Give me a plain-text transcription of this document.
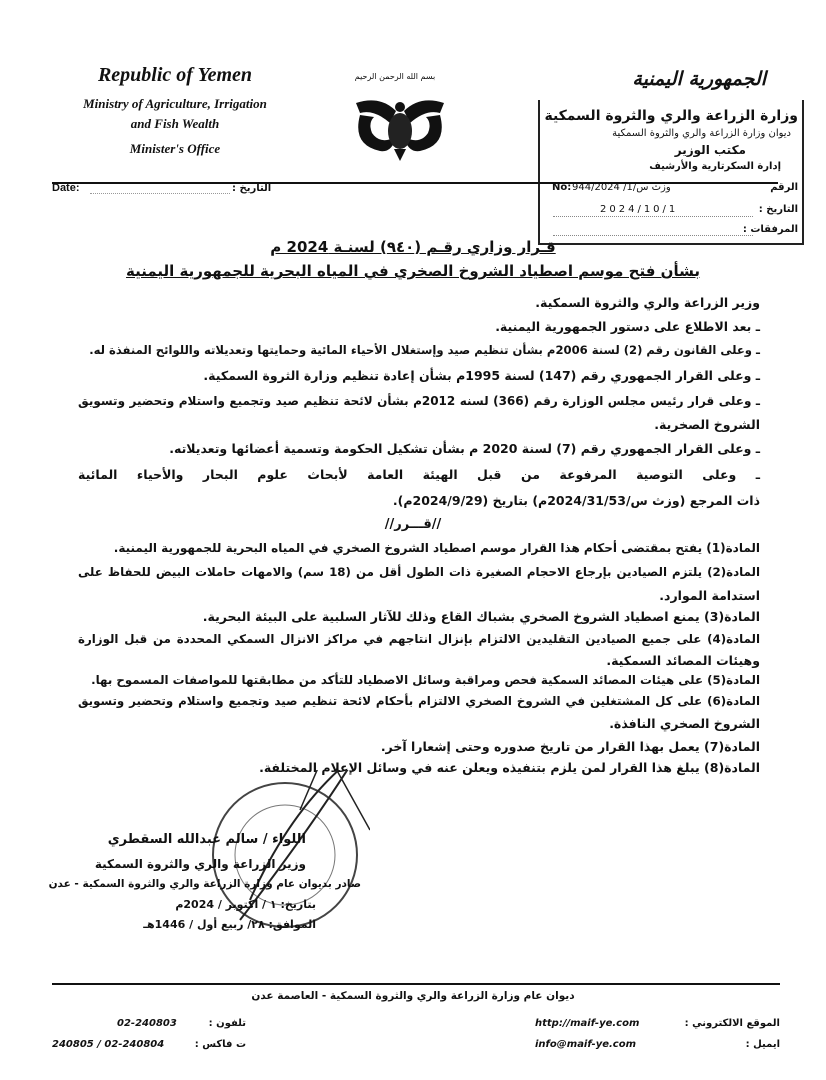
Republic of Yemen
Ministry of Agriculture, Irrigation
and Fish Wealth
Minister's Office
بسم الله الرحمن الرحيم	الجمهورية اليمنية
وزارة الزراعة والري والثروة السمكية
ديوان وزارة الزراعة والري والثروة السمكية
مكتب الوزير
إدارة السكرتارية والأرشيف
Date:	التاريخ :	الرقم
No: وزث س/1/ 944/2024
التاريخ :
2024/10/1
المرفقات :
قـرار وزاري رقـم (٩٤٠) لسنـة 2024 م
بشأن فتح موسم اصطياد الشروخ الصخري في المياه البحرية للجمهورية اليمنية
وزير الزراعة والري والثروة السمكية.
ـ بعد الاطلاع على دستور الجمهورية اليمنية.
ـ وعلى القانون رقم (2) لسنة 2006م بشأن تنظيم صيد وإستغلال الأحياء المائية وحمايتها وتعديلاته واللوائح المنفذة له.
ـ وعلى القرار الجمهوري رقم (147) لسنة 1995م بشأن إعادة تنظيم وزارة الثروة السمكية.
ـ وعلى قرار رئيس مجلس الوزارة رقم (366) لسنه 2012م بشأن لائحة تنظيم صيد وتجميع واستلام وتحضير وتسويق
الشروخ الصخرية.
ـ وعلى القرار الجمهوري رقم (7) لسنة 2020 م بشأن تشكيل الحكومة وتسمية أعضائها وتعديلاته.
ـ وعلى التوصية المرفوعة من قبل الهيئة العامة لأبحاث علوم البحار والأحياء المائية
ذات المرجع (وزث س/2024/31/53م) بتاريخ (2024/9/29م).
//قـــرر//
المادة(1) يفتح بمقتضى أحكام هذا القرار موسم اصطياد الشروخ الصخري في المياه البحرية للجمهورية اليمنية.
المادة(2) يلتزم الصيادين بإرجاع الاحجام الصغيرة ذات الطول أقل من (18 سم) والامهات حاملات البيض للحفاظ على
استدامة الموارد.
المادة(3) يمنع اصطياد الشروخ الصخري بشباك القاع وذلك للآثار السلبية على البيئة البحرية.
المادة(4) على جميع الصيادين التقليدين الالتزام بإنزال انتاجهم في مراكز الانزال السمكي المحددة من قبل الوزارة
وهيئات المصائد السمكية.
المادة(5) على هيئات المصائد السمكية فحص ومراقبة وسائل الاصطياد للتأكد من مطابقتها للمواصفات المسموح بها.
المادة(6) على كل المشتغلين في الشروخ الصخري الالتزام بأحكام لائحة تنظيم صيد وتجميع واستلام وتحضير وتسويق
الشروخ الصخري النافذة.
المادة(7) يعمل بهذا القرار من تاريخ صدوره وحتى إشعارا آخر.
المادة(8) يبلغ هذا القرار لمن يلزم بتنفيذه ويعلن عنه في وسائل الإعلام المختلفة.
اللواء / سالم عبدالله السقطري
وزير الزراعة والري والثروة السمكية
صادر بديوان عام وزارة الزراعة والري والثروة السمكية - عدن
بتاريخ: ١ / اكتوبر / 2024م
الموافق: ٢٨/ ربيع أول / 1446هـ
ديوان عام وزارة الزراعة والري والثروة السمكية - العاصمة عدن
الموقع الالكتروني :
http://maif-ye.com
ايميل :
info@maif-ye.com
تلفون :
02-240803
ت فاكس :
02-240804 / 240805
